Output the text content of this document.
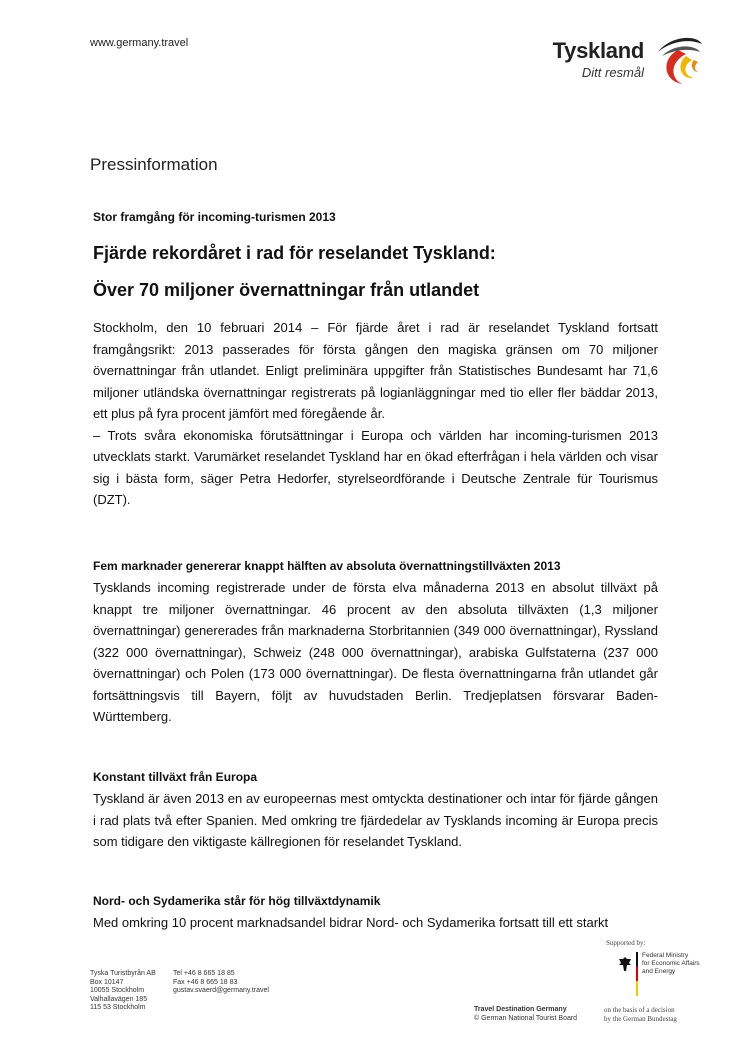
www.germany.travel	Tyskland
Ditt resmål
Pressinformation
Stor framgång för incoming-turismen 2013
Fjärde rekordåret i rad för reselandet Tyskland:
Över 70 miljoner övernattningar från utlandet
Stockholm, den 10 februari 2014 – För fjärde året i rad är reselandet Tyskland fortsatt framgångsrikt: 2013 passerades för första gången den magiska gränsen om 70 miljoner övernattningar från utlandet. Enligt preliminära uppgifter från Statistisches Bundesamt har 71,6 miljoner utländska övernattningar registrerats på logianläggningar med tio eller fler bäddar 2013, ett plus på fyra procent jämfört med föregående år.
– Trots svåra ekonomiska förutsättningar i Europa och världen har incoming-turismen 2013 utvecklats starkt. Varumärket reselandet Tyskland har en ökad efterfrågan i hela världen och visar sig i bästa form, säger Petra Hedorfer, styrelseordförande i Deutsche Zentrale für Tourismus (DZT).
Fem marknader genererar knappt hälften av absoluta övernattningstillväxten 2013

Tysklands incoming registrerade under de första elva månaderna 2013 en absolut tillväxt på knappt tre miljoner övernattningar. 46 procent av den absoluta tillväxten (1,3 miljoner övernattningar) genererades från marknaderna Storbritannien (349 000 övernattningar), Ryssland (322 000 övernattningar), Schweiz (248 000 övernattningar), arabiska Gulfstaterna (237 000 övernattningar) och Polen (173 000 övernattningar). De flesta övernattningarna från utlandet går fortsättningsvis till Bayern, följt av huvudstaden Berlin. Tredjeplatsen försvarar Baden-Württemberg.

Konstant tillväxt från Europa

Tyskland är även 2013 en av europeernas mest omtyckta destinationer och intar för fjärde gången i rad plats två efter Spanien. Med omkring tre fjärdedelar av Tysklands incoming är Europa precis som tidigare den viktigaste källregionen för reselandet Tyskland.

Nord- och Sydamerika står för hög tillväxtdynamik

Med omkring 10 procent marknadsandel bidrar Nord- och Sydamerika fortsatt till ett starkt

Supported by:
Federal Ministry
for Economic Affairs
and Energy
Tyska Turistbyrån AB
Box 10147
10055 Stockholm
Valhallavägen 185
115 53 Stockholm
Tel +46 8 665 18 85
Fax +46 8 665 18 83
gustav.svaerd@germany.travel
Travel Destination Germany
© German National Tourist Board
on the basis of a decision
by the German Bundestag
